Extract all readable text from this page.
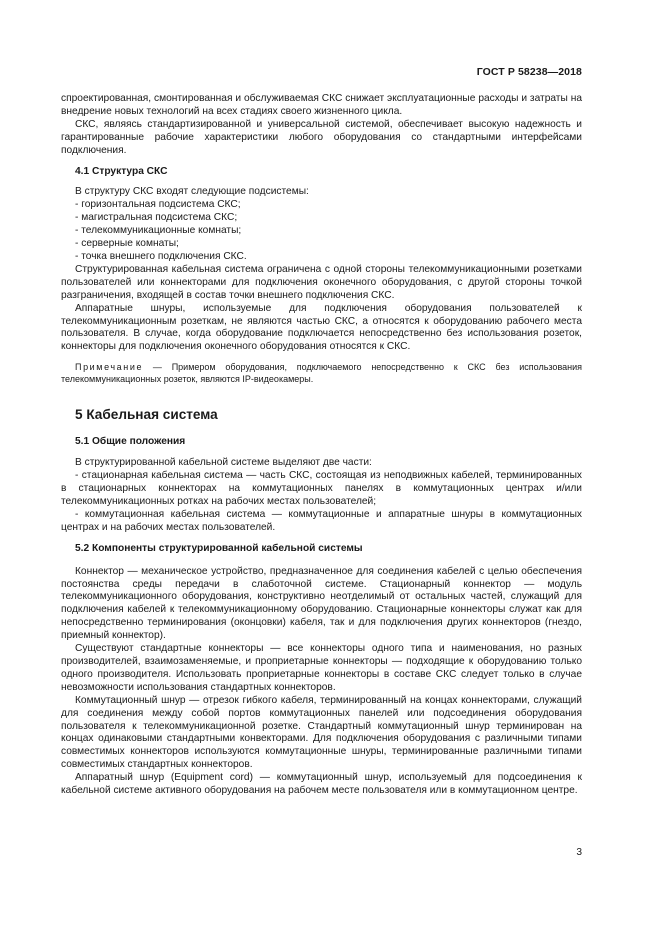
ГОСТ Р 58238—2018

спроектированная, смонтированная и обслуживаемая СКС снижает эксплуатационные расходы и затраты на внедрение новых технологий на всех стадиях своего жизненного цикла.

СКС, являясь стандартизированной и универсальной системой, обеспечивает высокую надежность и гарантированные рабочие характеристики любого оборудования со стандартными интерфейсами подключения.

4.1 Структура СКС

В структуру СКС входят следующие подсистемы:

- горизонтальная подсистема СКС;

- магистральная подсистема СКС;

- телекоммуникационные комнаты;

- серверные комнаты;

- точка внешнего подключения СКС.

Структурированная кабельная система ограничена с одной стороны телекоммуникационными розетками пользователей или коннекторами для подключения оконечного оборудования, с другой стороны точкой разграничения, входящей в состав точки внешнего подключения СКС.

Аппаратные шнуры, используемые для подключения оборудования пользователей к телекоммуникационным розеткам, не являются частью СКС, а относятся к оборудованию рабочего места пользователя. В случае, когда оборудование подключается непосредственно без использования розеток, коннекторы для подключения оконечного оборудования относятся к СКС.

Примечание — Примером оборудования, подключаемого непосредственно к СКС без использования телекоммуникационных розеток, являются IP-видеокамеры.

5 Кабельная система
5.1 Общие положения

В структурированной кабельной системе выделяют две части:

- стационарная кабельная система — часть СКС, состоящая из неподвижных кабелей, терминированных в стационарных коннекторах на коммутационных панелях в коммутационных центрах и/или телекоммуникационных ротках на рабочих местах пользователей;

- коммутационная кабельная система — коммутационные и аппаратные шнуры в коммутационных центрах и на рабочих местах пользователей.

5.2 Компоненты структурированной кабельной системы

Коннектор — механическое устройство, предназначенное для соединения кабелей с целью обеспечения постоянства среды передачи в слаботочной системе. Стационарный коннектор — модуль телекоммуникационного оборудования, конструктивно неотделимый от остальных частей, служащий для подключения кабелей к телекоммуникационному оборудованию. Стационарные коннекторы служат как для непосредственно терминирования (оконцовки) кабеля, так и для подключения других коннекторов (гнездо, приемный коннектор).

Существуют стандартные коннекторы — все коннекторы одного типа и наименования, но разных производителей, взаимозаменяемые, и проприетарные коннекторы — подходящие к оборудованию только одного производителя. Использовать проприетарные коннекторы в составе СКС следует только в случае невозможности использования стандартных коннекторов.

Коммутационный шнур — отрезок гибкого кабеля, терминированный на концах коннекторами, служащий для соединения между собой портов коммутационных панелей или подсоединения оборудования пользователя к телекоммуникационной розетке. Стандартный коммутационный шнур терминирован на концах одинаковыми стандартными конвекторами. Для подключения оборудования с различными типами совместимых коннекторов используются коммутационные шнуры, терминированные различными типами совместимых стандартных коннекторов.

Аппаратный шнур (Equipment cord) — коммутационный шнур, используемый для подсоединения к кабельной системе активного оборудования на рабочем месте пользователя или в коммутационном центре.

3
